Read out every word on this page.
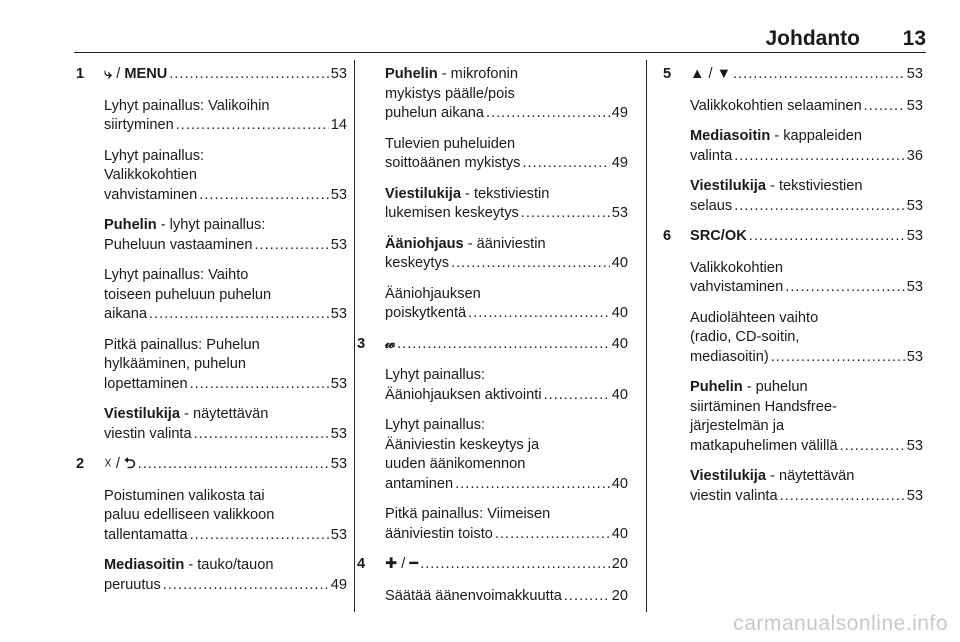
Johdanto 13
1	⤷ / MENU .....	53
Lyhyt painallus: Valikoihin
siirtyminen .....	14
Lyhyt painallus:
Valikkokohtien
vahvistaminen .....	53
Puhelin - lyhyt painallus:
Puheluun vastaaminen .....	53
Lyhyt painallus: Vaihto
toiseen puheluun puhelun
aikana .....	53
Pitkä painallus: Puhelun
hylkääminen, puhelun
lopettaminen .....	53
Viestilukija - näytettävän
viestin valinta .....	53
2	☓ / ⮌ .....	53
Poistuminen valikosta tai
paluu edelliseen valikkoon
tallentamatta .....	53
Mediasoitin - tauko/tauon
peruutus .....	49
Puhelin - mikrofonin
mykistys päälle/pois
puhelun aikana .....	49
Tulevien puheluiden
soittoäänen mykistys .....	49
Viestilukija - tekstiviestin
lukemisen keskeytys .....	53
Ääniohjaus - ääniviestin
keskeytys .....	40
Ääniohjauksen
poiskytkentä .....	40
3	𝓌 .....	40
Lyhyt painallus:
Ääniohjauksen aktivointi .....	40
Lyhyt painallus:
Ääniviestin keskeytys ja
uuden äänikomennon
antaminen .....	40
Pitkä painallus: Viimeisen
ääniviestin toisto .....	40
4	✚ / ━ .....	20
Säätää äänenvoimakkuutta .....	20
5	▲ / ▼ .....	53
Valikkokohtien selaaminen .....	53
Mediasoitin - kappaleiden
valinta .....	36
Viestilukija - tekstiviestien
selaus .....	53
6	SRC/OK .....	53
Valikkokohtien
vahvistaminen .....	53
Audiolähteen vaihto
(radio, CD-soitin,
mediasoitin) .....	53
Puhelin - puhelun
siirtäminen Handsfree-
järjestelmän ja
matkapuhelimen välillä .....	53
Viestilukija - näytettävän
viestin valinta .....	53
carmanualsonline.info
